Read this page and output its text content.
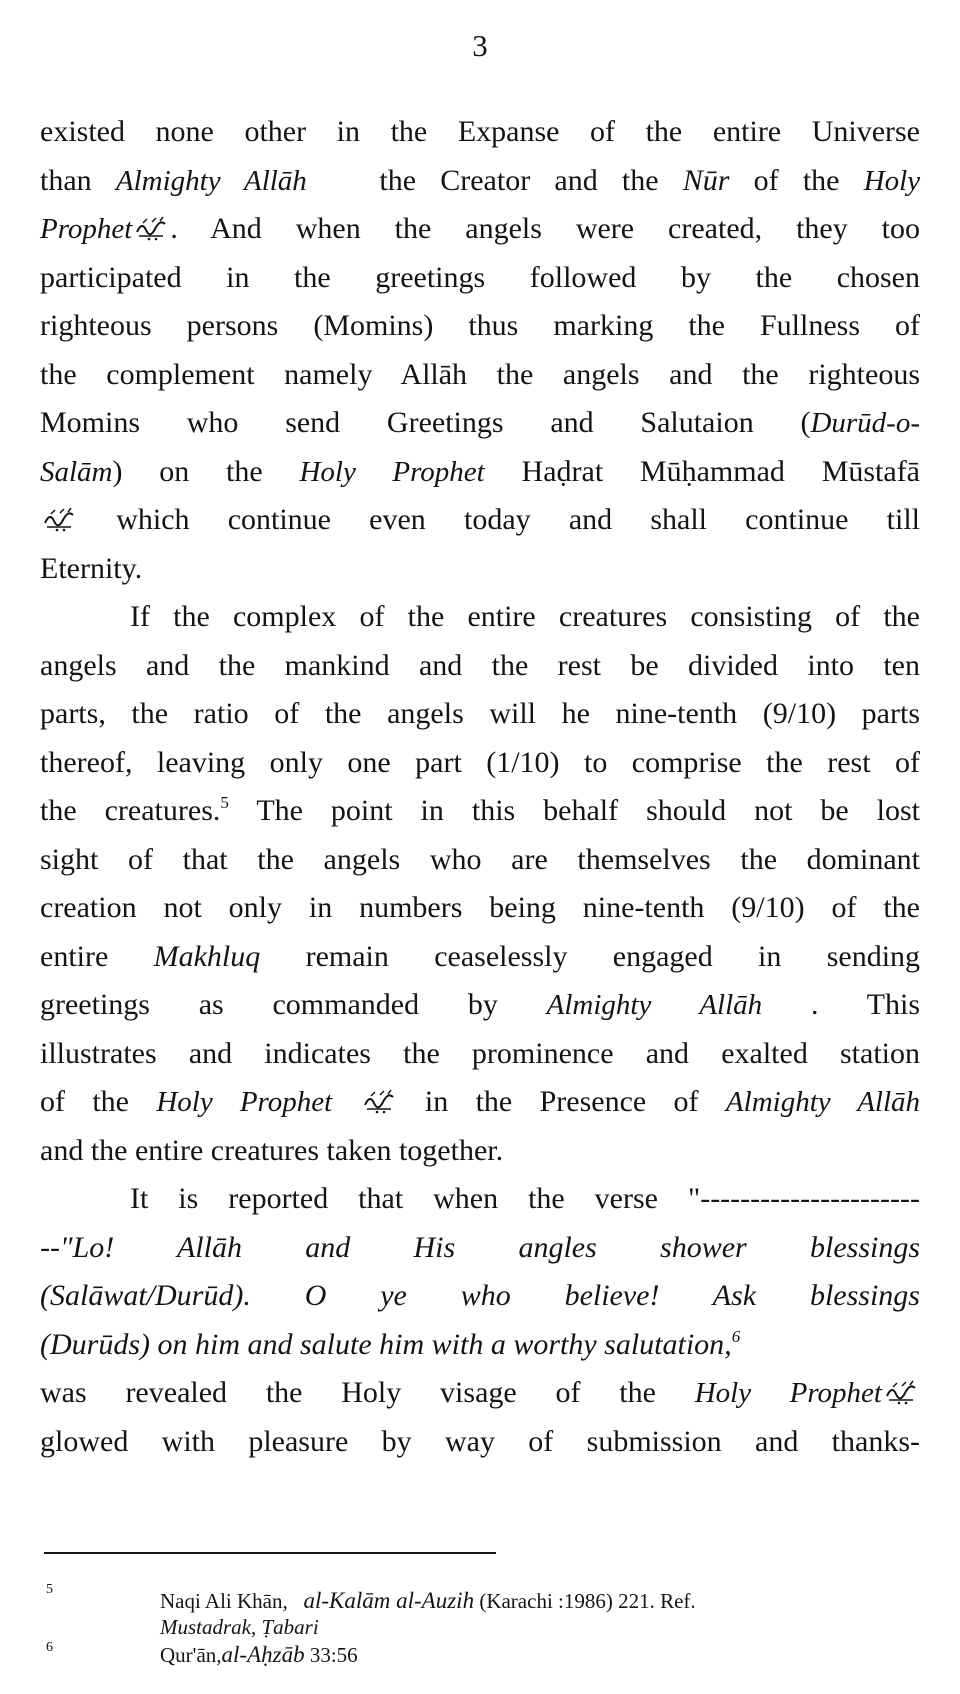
3
existed none other in the Expanse of the entire Universe
than Almighty Allāh the Creator and the Nūr of the Holy
Prophet . And when the angels were created, they too
participated in the greetings followed by the chosen
righteous persons (Momins) thus marking the Fullness of
the complement namely Allāh the angels and the righteous
Momins who send Greetings and Salutaion (Durūd-o-
Salām) on the Holy Prophet Haḍrat Mūḥammad Mūstafā
which continue even today and shall continue till
Eternity.
If the complex of the entire creatures consisting of the
angels and the mankind and the rest be divided into ten
parts, the ratio of the angels will he nine-tenth (9/10) parts
thereof, leaving only one part (1/10) to comprise the rest of
the creatures.$^5$ The point in this behalf should not be lost
sight of that the angels who are themselves the dominant
creation not only in numbers being nine-tenth (9/10) of the
entire Makhluq remain ceaselessly engaged in sending
greetings as commanded by Almighty Allāh . This
illustrates and indicates the prominence and exalted station
of the Holy Prophet	in the Presence of Almighty Allāh
and the entire creatures taken together.
It is reported that when the verse "----------------------
--"Lo! Allāh and His angles shower blessings
(Salāwat/Durūd). O ye who believe! Ask blessings
(Durūds) on him and salute him with a worthy salutation,$^6$
was revealed the Holy visage of the Holy Prophet
glowed with pleasure by way of submission and thanks-
5	Naqi Ali Khān, al-Kalām al-Auzih (Karachi :1986) 221. Ref.
Mustadrak, Ṭabari
6	Qur'ān,al-Aḥzāb 33:56
